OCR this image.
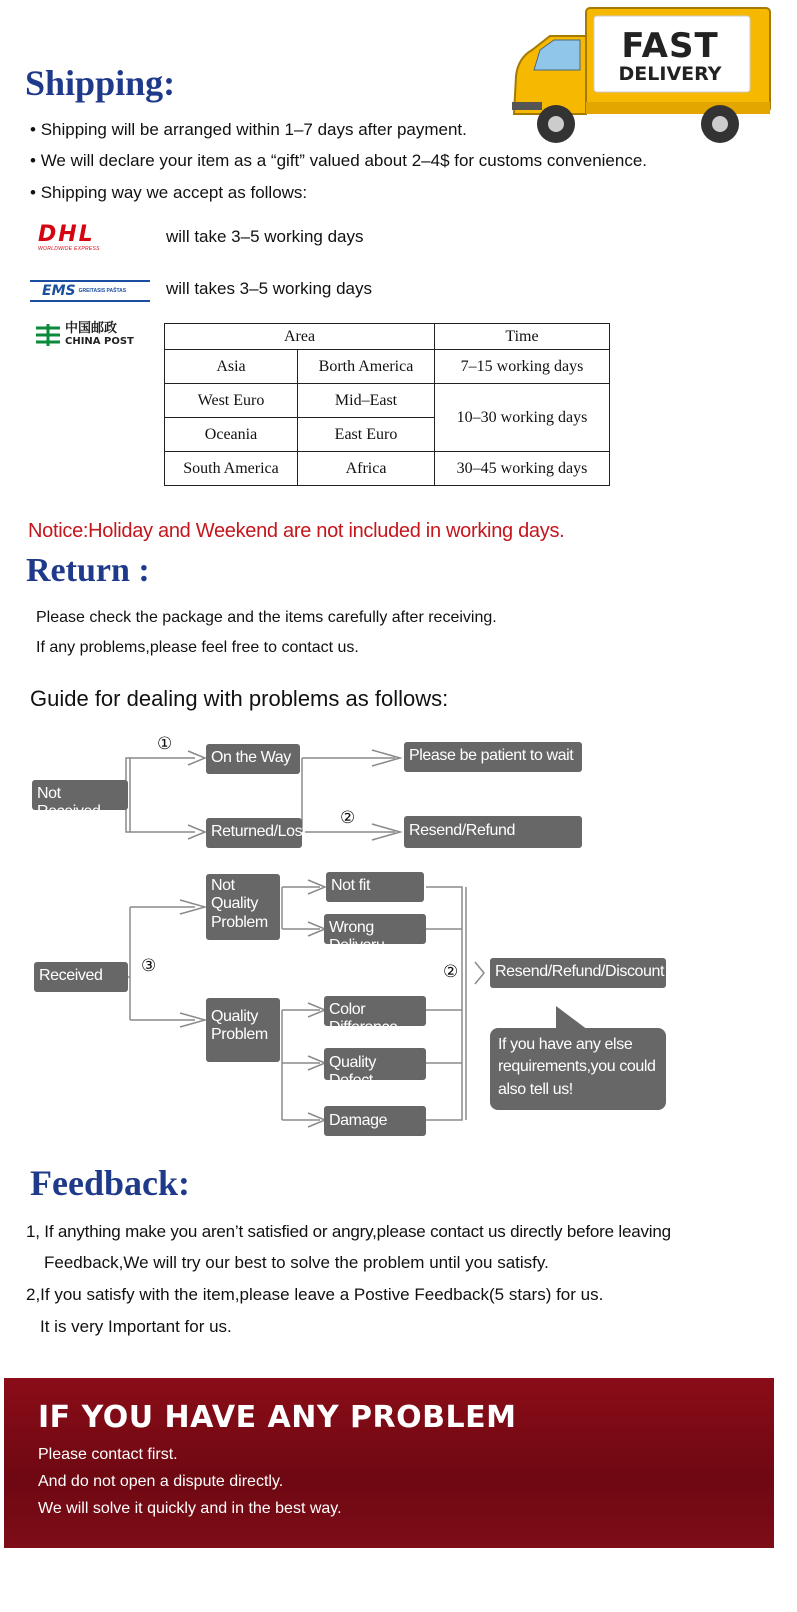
Shipping:
FAST
DELIVERY
• Shipping will be arranged within 1–7 days after payment.
• We will declare your item as a “gift” valued about 2–4$ for customs convenience.
• Shipping way we accept as follows:
DHL
WORLDWIDE EXPRESS
will take 3–5 working days
EMS GREITASIS PAŠTAS will takes 3–5 working days
中国邮政
CHINA POST	Area		Time
Asia	Borth America	7–15 working days
West Euro	Mid–East	10–30 working days
Oceania	East Euro	
South America	Africa	30–45 working days
Notice:Holiday and Weekend are not included in working days.
Return :
Please check the package and the items carefully after receiving.
If any problems,please feel free to contact us.
Guide for dealing with problems as follows:
①
②
③	②
Not Received
On the Way
Returned/Lost
Please be patient to wait
Resend/Refund
Received
Not Quality Problem
Quality Problem
Not fit
Wrong Deliveru
Color Difference
Quality Defect
Damage
Resend/Refund/Discount
If you have any else requirements,you could also tell us!
Feedback:
1, If anything make you aren’t satisfied or angry,please contact us directly before leaving
Feedback,We will try our best to solve the problem until you satisfy.
2,If you satisfy with the item,please leave a Postive Feedback(5 stars) for us.
It is very Important for us.
IF YOU HAVE ANY PROBLEM
Please contact first.
And do not open a dispute directly.
We will solve it quickly and in the best way.
